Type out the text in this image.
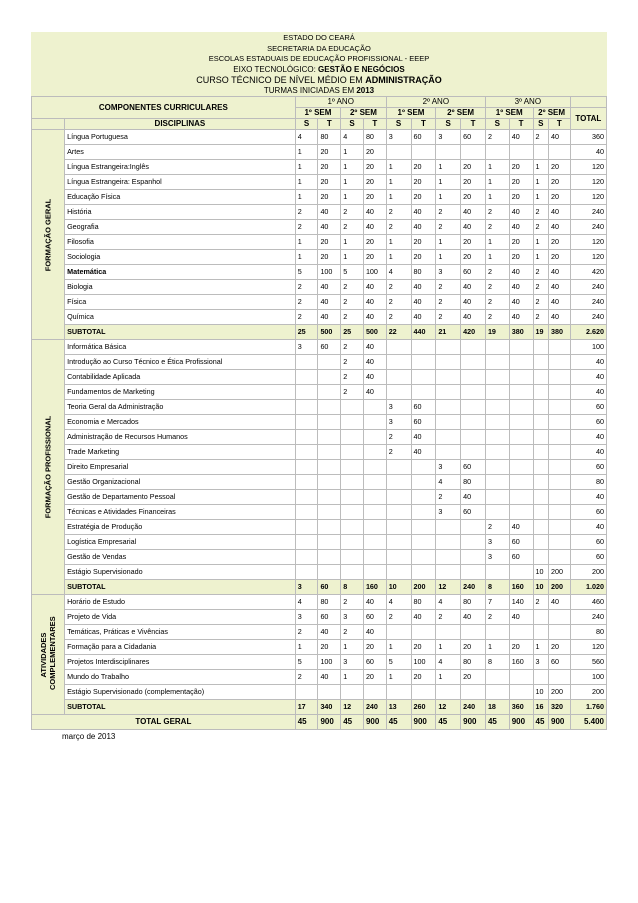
ESTADO DO CEARÁ
SECRETARIA DA EDUCAÇÃO
ESCOLAS ESTADUAIS DE EDUCAÇÃO PROFISSIONAL - EEEP
EIXO TECNOLÓGICO: GESTÃO E NEGÓCIOS
CURSO TÉCNICO DE NÍVEL MÉDIO EM ADMINISTRAÇÃO
TURMAS INICIADAS EM 2013
COMPONENTES CURRICULARES		1º ANO				2º ANO				3º ANO				
		1º SEM		2º SEM		1º SEM		2º SEM		1º SEM		2º SEM		TOTAL
	DISCIPLINAS	S	T	S	T	S	T	S	T	S	T	S	T	

FORMAÇÃO GERAL	Língua Portuguesa	4	80	4	80	3	60	3	60	2	40	2	40	360
	Artes	1	20	1	20									40
	Língua Estrangeira:Inglês	1	20	1	20	1	20	1	20	1	20	1	20	120
	Língua Estrangeira: Espanhol	1	20	1	20	1	20	1	20	1	20	1	20	120
	Educação Física	1	20	1	20	1	20	1	20	1	20	1	20	120
	História	2	40	2	40	2	40	2	40	2	40	2	40	240
	Geografia	2	40	2	40	2	40	2	40	2	40	2	40	240
	Filosofia	1	20	1	20	1	20	1	20	1	20	1	20	120
	Sociologia	1	20	1	20	1	20	1	20	1	20	1	20	120
	Matemática	5	100	5	100	4	80	3	60	2	40	2	40	420
	Biologia	2	40	2	40	2	40	2	40	2	40	2	40	240
	Física	2	40	2	40	2	40	2	40	2	40	2	40	240
	Química	2	40	2	40	2	40	2	40	2	40	2	40	240
	SUBTOTAL	25	500	25	500	22	440	21	420	19	380	19	380	2.620

FORMAÇÃO PROFISSIONAL	Informática Básica	3	60	2	40									100
	Introdução ao Curso Técnico e Ética Profissional			2	40									40
	Contabilidade Aplicada			2	40									40
	Fundamentos de Marketing			2	40									40
	Teoria Geral da Administração					3	60							60
	Economia e Mercados					3	60							60
	Administração de Recursos Humanos					2	40							40
	Trade Marketing					2	40							40
	Direito Empresarial							3	60					60
	Gestão Organizacional							4	80					80
	Gestão de Departamento Pessoal							2	40					40
	Técnicas e Atividades Financeiras							3	60					60
	Estratégia de Produção									2	40			40
	Logística Empresarial									3	60			60
	Gestão de Vendas									3	60			60
	Estágio Supervisionado											10	200	200
	SUBTOTAL	3	60	8	160	10	200	12	240	8	160	10	200	1.020

ATIVIDADES COMPLEMENTARES	Horário de Estudo	4	80	2	40	4	80	4	80	7	140	2	40	460
	Projeto de Vida	3	60	3	60	2	40	2	40	2	40			240
	Temáticas, Práticas e Vivências	2	40	2	40									80
	Formação para a Cidadania	1	20	1	20	1	20	1	20	1	20	1	20	120
	Projetos Interdisciplinares	5	100	3	60	5	100	4	80	8	160	3	60	560
	Mundo do Trabalho	2	40	1	20	1	20	1	20					100
	Estágio Supervisionado (complementação)											10	200	200
	SUBTOTAL	17	340	12	240	13	260	12	240	18	360	16	320	1.760
TOTAL GERAL		45	900	45	900	45	900	45	900	45	900	45	900	5.400
março de 2013
